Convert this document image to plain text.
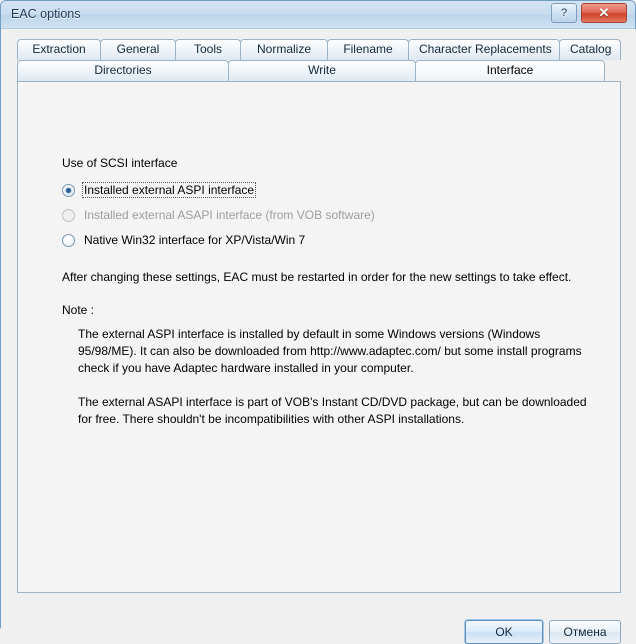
EAC options	?	✕
Extraction	General	Tools	Normalize	Filename Character Replacements Catalog
Directories	Write	Interface
Use of SCSI interface
Installed external ASPI interface
Installed external ASAPI interface (from VOB software)
Native Win32 interface for XP/Vista/Win 7
After changing these settings, EAC must be restarted in order for the new settings to take effect.
Note :
The external ASPI interface is installed by default in some Windows versions (Windows 95/98/ME). It can also be downloaded from http://www.adaptec.com/ but some install programs check if you have Adaptec hardware installed in your computer.
The external ASAPI interface is part of VOB's Instant CD/DVD package, but can be downloaded for free. There shouldn't be incompatibilities with other ASPI installations.
OK	Отмена
